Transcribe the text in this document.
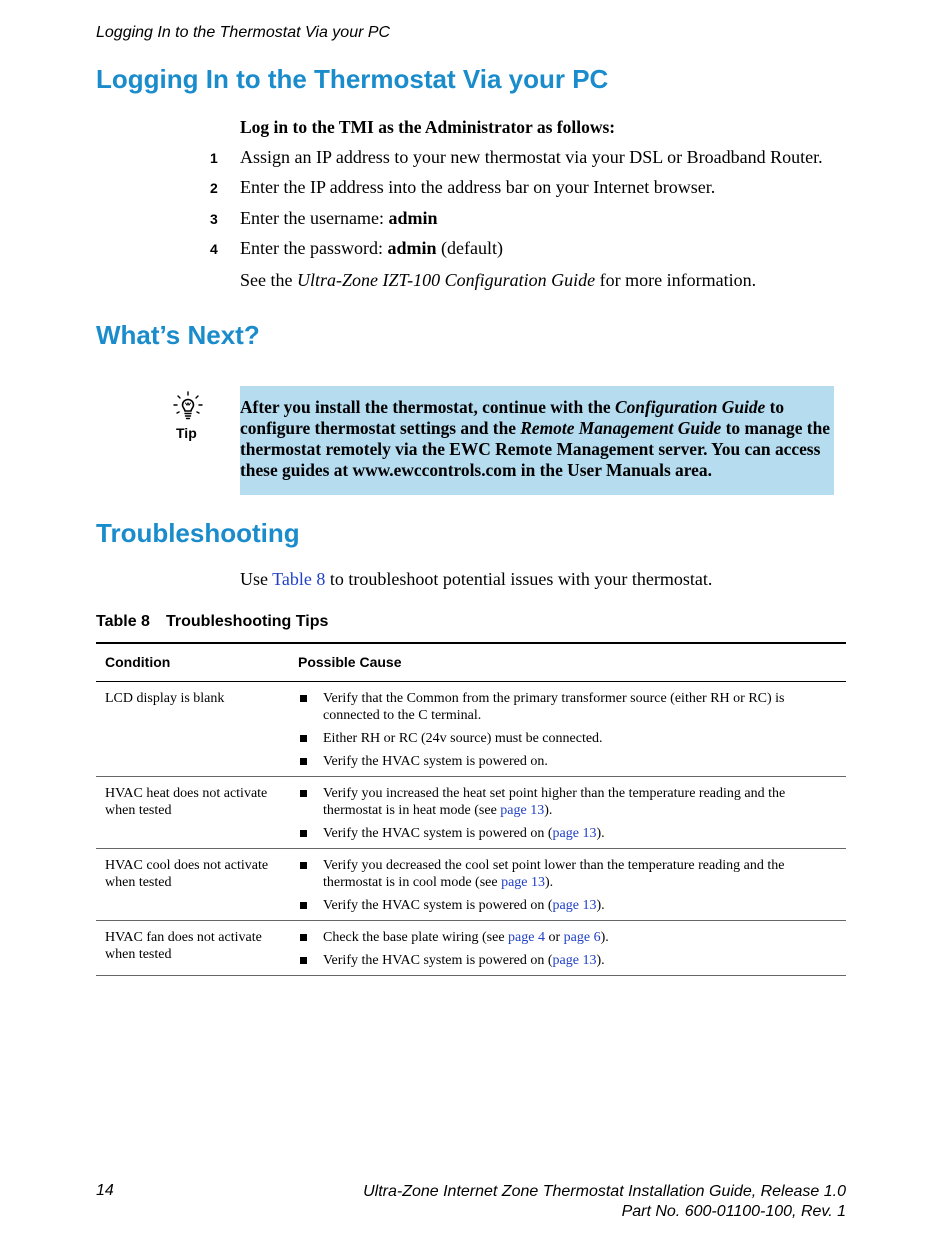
Logging In to the Thermostat Via your PC
Logging In to the Thermostat Via your PC
Log in to the TMI as the Administrator as follows:
1 Assign an IP address to your new thermostat via your DSL or Broadband Router.
2 Enter the IP address into the address bar on your Internet browser.
3 Enter the username: admin
4 Enter the password: admin (default)
See the Ultra-Zone IZT-100 Configuration Guide for more information.
What’s Next?
Tip

After you install the thermostat, continue with the Configuration Guide to configure thermostat settings and the Remote Management Guide to manage the thermostat remotely via the EWC Remote Management server. You can access these guides at www.ewccontrols.com in the User Manuals area.

Troubleshooting
Use Table 8 to troubleshoot potential issues with your thermostat.
Table 8 Troubleshooting Tips
Condition	Possible Cause
LCD display is blank	Verify that the Common from the primary transformer source (either RH or RC) is connected to the C terminal.
Either RH or RC (24v source) must be connected.
Verify the HVAC system is powered on.

HVAC heat does not activate when tested	Verify you increased the heat set point higher than the temperature reading and the thermostat is in heat mode (see page 13).
Verify the HVAC system is powered on (page 13).

HVAC cool does not activate when tested	Verify you decreased the cool set point lower than the temperature reading and the thermostat is in cool mode (see page 13).
Verify the HVAC system is powered on (page 13).

HVAC fan does not activate when tested	Check the base plate wiring (see page 4 or page 6).
Verify the HVAC system is powered on (page 13).
14	Ultra-Zone Internet Zone Thermostat Installation Guide, Release 1.0
Part No. 600-01100-100, Rev. 1
